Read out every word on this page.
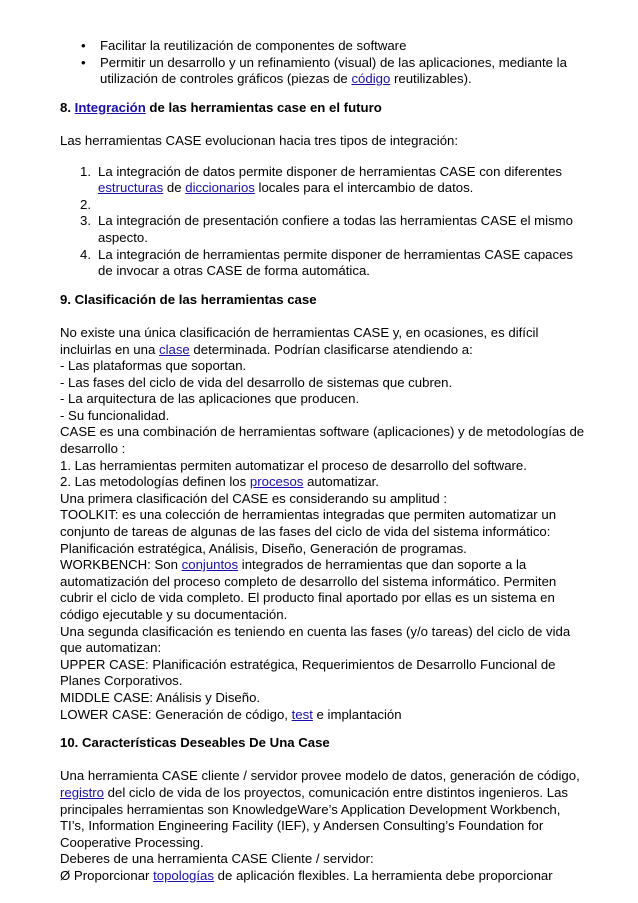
• Facilitar la reutilización de componentes de software
• Permitir un desarrollo y un refinamiento (visual) de las aplicaciones, mediante la utilización de controles gráficos (piezas de código reutilizables).
8. Integración de las herramientas case en el futuro

Las herramientas CASE evolucionan hacia tres tipos de integración:

1. La integración de datos permite disponer de herramientas CASE con diferentes estructuras de diccionarios locales para el intercambio de datos.
2.
3. La integración de presentación confiere a todas las herramientas CASE el mismo aspecto.
4. La integración de herramientas permite disponer de herramientas CASE capaces de invocar a otras CASE de forma automática.
9. Clasificación de las herramientas case
No existe una única clasificación de herramientas CASE y, en ocasiones, es difícil incluirlas en una clase determinada. Podrían clasificarse atendiendo a:
- Las plataformas que soportan.
- Las fases del ciclo de vida del desarrollo de sistemas que cubren.
- La arquitectura de las aplicaciones que producen.
- Su funcionalidad.
CASE es una combinación de herramientas software (aplicaciones) y de metodologías de desarrollo :
1. Las herramientas permiten automatizar el proceso de desarrollo del software.
2. Las metodologías definen los procesos automatizar.
Una primera clasificación del CASE es considerando su amplitud :
TOOLKIT: es una colección de herramientas integradas que permiten automatizar un conjunto de tareas de algunas de las fases del ciclo de vida del sistema informático:
Planificación estratégica, Análisis, Diseño, Generación de programas.
WORKBENCH: Son conjuntos integrados de herramientas que dan soporte a la automatización del proceso completo de desarrollo del sistema informático. Permiten cubrir el ciclo de vida completo. El producto final aportado por ellas es un sistema en código ejecutable y su documentación.
Una segunda clasificación es teniendo en cuenta las fases (y/o tareas) del ciclo de vida que automatizan:
UPPER CASE: Planificación estratégica, Requerimientos de Desarrollo Funcional de Planes Corporativos.
MIDDLE CASE: Análisis y Diseño.
LOWER CASE: Generación de código, test e implantación
10. Características Deseables De Una Case
Una herramienta CASE cliente / servidor provee modelo de datos, generación de código, registro del ciclo de vida de los proyectos, comunicación entre distintos ingenieros. Las principales herramientas son KnowledgeWare’s Application Development Workbench, TI’s, Information Engineering Facility (IEF), y Andersen Consulting’s Foundation for Cooperative Processing.
Deberes de una herramienta CASE Cliente / servidor:
Ø Proporcionar topologías de aplicación flexibles. La herramienta debe proporcionar
